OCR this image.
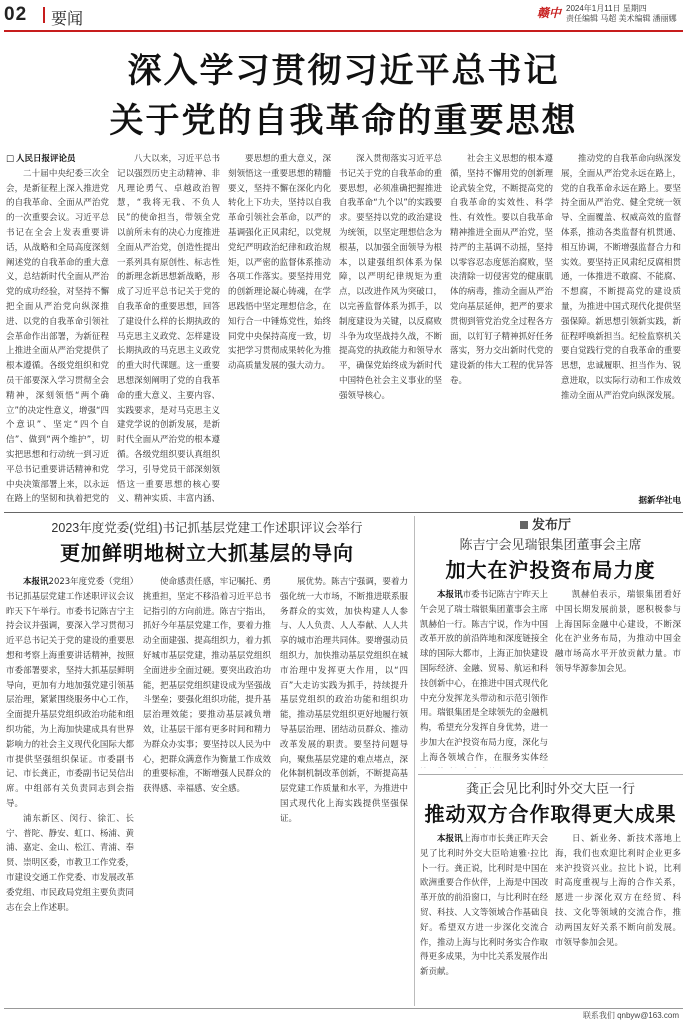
02 要闻	赣中 2024年1月11日 星期四
责任编辑 马超 美术编辑 潘丽娜
深入学习贯彻习近平总书记
关于党的自我革命的重要思想
□ 人民日报评论员

二十届中央纪委三次全会，是新征程上深入推进党的自我革命、全面从严治党的一次重要会议。习近平总书记在全会上发表重要讲话，从战略和全局高度深刻阐述党的自我革命的重大意义，总结新时代全面从严治党的成功经验，对坚持不懈把全面从严治党向纵深推进、以党的自我革命引领社会革命作出部署，为新征程上推进全面从严治党提供了根本遵循。各级党组织和党员干部要深入学习贯彻全会精神，深刻领悟“两个确立”的决定性意义，增强“四个意识”、坚定“四个自信”、做到“两个维护”，切实把思想和行动统一到习近平总书记重要讲话精神和党中央决策部署上来，以永远在路上的坚韧和执着把党的

八大以来，习近平总书记以强烈历史主动精神、非凡理论勇气、卓越政治智慧，“我将无我、不负人民”的使命担当，带领全党以前所未有的决心力度推进全面从严治党，创造性提出一系列具有原创性、标志性的新理念新思想新战略，形成了习近平总书记关于党的自我革命的重要思想，回答了建设什么样的长期执政的马克思主义政党、怎样建设长期执政的马克思主义政党的重大时代课题。这一重要思想深刻阐明了党的自我革命的重大意义、主要内容、实践要求，是对马克思主义建党学说的创新发展，是新时代全面从严治党的根本遵循。各级党组织要认真组织学习，引导党员干部深刻领悟这一重要思想的核心要义、精神实质、丰富内涵、

要思想的重大意义，深刻领悟这一重要思想的精髓要义，坚持不懈在深化内化转化上下功夫，坚持以自我革命引领社会革命，以严的基调强化正风肃纪，以党规党纪严明政治纪律和政治规矩，以严密的监督体系推动各项工作落实。要坚持用党的创新理论凝心铸魂，在学思践悟中坚定理想信念，在知行合一中锤炼党性，始终同党中央保持高度一致，切实把学习贯彻成果转化为推动高质量发展的强大动力。

深入贯彻落实习近平总书记关于党的自我革命的重要思想，必须准确把握推进自我革命“九个以”的实践要求。要坚持以党的政治建设为统领，以坚定理想信念为根基，以加强全面领导为根本，以建强组织体系为保障，以严明纪律规矩为重点，以改进作风为突破口，以完善监督体系为抓手，以制度建设为关键，以反腐败斗争为攻坚战持久战，不断提高党的执政能力和领导水平，确保党始终成为新时代中国特色社会主义事业的坚强领导核心。

社会主义思想的根本遵循，坚持不懈用党的创新理论武装全党，不断提高党的自我革命的实效性、科学性、有效性。要以自我革命精神推进全面从严治党，坚持严的主基调不动摇，坚持以零容忍态度惩治腐败，坚决清除一切侵害党的健康肌体的病毒，推动全面从严治党向基层延伸，把严的要求贯彻到管党治党全过程各方面，以钉钉子精神抓好任务落实，努力交出新时代党的建设新的伟大工程的优异答卷。

推动党的自我革命向纵深发展，全面从严治党永远在路上，党的自我革命永远在路上。要坚持全面从严治党、健全党统一领导、全面覆盖、权威高效的监督体系，推动各类监督有机贯通、相互协调，不断增强监督合力和实效。要坚持正风肃纪反腐相贯通，一体推进不敢腐、不能腐、不想腐，不断提高党的建设质量，为推进中国式现代化提供坚强保障。新思想引领新实践，新征程呼唤新担当。纪检监察机关要自觉践行党的自我革命的重要思想，忠诚履职、担当作为、锐意进取，以实际行动和工作成效推动全面从严治党向纵深发展。

据新华社电
2023年度党委(党组)书记抓基层党建工作述职评议会举行
更加鲜明地树立大抓基层的导向

本报讯2023年度党委（党组）书记抓基层党建工作述职评议会议昨天下午举行。市委书记陈吉宁主持会议并强调，要深入学习贯彻习近平总书记关于党的建设的重要思想和考察上海重要讲话精神，按照市委部署要求，坚持大抓基层鲜明导向，更加有力地加强党建引领基层治理，紧紧围绕服务中心工作，全面提升基层党组织政治功能和组织功能，为上海加快建成具有世界影响力的社会主义现代化国际大都市提供坚强组织保证。市委副书记、市长龚正，市委副书记吴信出席。中组部有关负责同志到会指导。

浦东新区、闵行、徐汇、长宁、普陀、静安、虹口、杨浦、黄浦、嘉定、金山、松江、青浦、奉贤、崇明区委，市教卫工作党委，市建设交通工作党委、市发展改革委党组、市民政局党组主要负责同志在会上作述职。

使命感责任感，牢记嘱托、勇挑重担，坚定不移沿着习近平总书记指引的方向前进。陈吉宁指出，抓好今年基层党建工作，要着力推动全面建强、提高组织力，着力抓好城市基层党建，推动基层党组织全面进步全面过硬。要突出政治功能，把基层党组织建设成为坚强战斗堡垒；要强化组织功能，提升基层治理效能；要推动基层减负增效，让基层干部有更多时间和精力为群众办实事；要坚持以人民为中心，把群众满意作为衡量工作成效的重要标准，不断增强人民群众的获得感、幸福感、安全感。

展优势。陈吉宁强调，要着力强化统一大市场，不断推进联系服务群众的实效，加快构建人人参与、人人负责、人人奉献、人人共享的城市治理共同体。要增强动员组织力，加快推动基层党组织在城市治理中发挥更大作用，以“四百”大走访实践为抓手，持续提升基层党组织的政治功能和组织功能，推动基层党组织更好地履行领导基层治理、团结动员群众、推动改革发展的职责。要坚持问题导向，聚焦基层党建的难点堵点，深化体制机制改革创新，不断提高基层党建工作质量和水平，为推进中国式现代化上海实践提供坚强保证。

发布厅
陈吉宁会见瑞银集团董事会主席
加大在沪投资布局力度

本报讯市委书记陈吉宁昨天上午会见了瑞士瑞银集团董事会主席凯赫伯一行。陈吉宁说，作为中国改革开放的前沿阵地和深度链接全球的国际大都市，上海正加快建设国际经济、金融、贸易、航运和科技创新中心，在推进中国式现代化中充分发挥龙头带动和示范引领作用。瑞银集团是全球领先的金融机构，希望充分发挥自身优势，进一步加大在沪投资布局力度，深化与上海各领域合作，在服务实体经

凯赫伯表示，瑞银集团看好中国长期发展前景，愿积极参与上海国际金融中心建设，不断深化在沪业务布局，为推动中国金融市场高水平开放贡献力量。市领导华源参加会见。

龚正会见比利时外交大臣一行
推动双方合作取得更大成果

本报讯上海市市长龚正昨天会见了比利时外交大臣哈迪雅·拉比卜一行。龚正说，比利时是中国在欧洲重要合作伙伴，上海是中国改革开放的前沿窗口，与比利时在经贸、科技、人文等领域合作基础良好。希望双方进一步深化交流合作，推动上海与比利时务实合作取得更多成果，为中比关系发展作出新贡献。

日、新业务、新技术落地上海，我们也欢迎比利时企业更多来沪投资兴业。拉比卜说，比利时高度重视与上海的合作关系，愿进一步深化双方在经贸、科技、文化等领域的交流合作，推动两国友好关系不断向前发展。市领导参加会见。

联系我们 qnbyw@163.com
